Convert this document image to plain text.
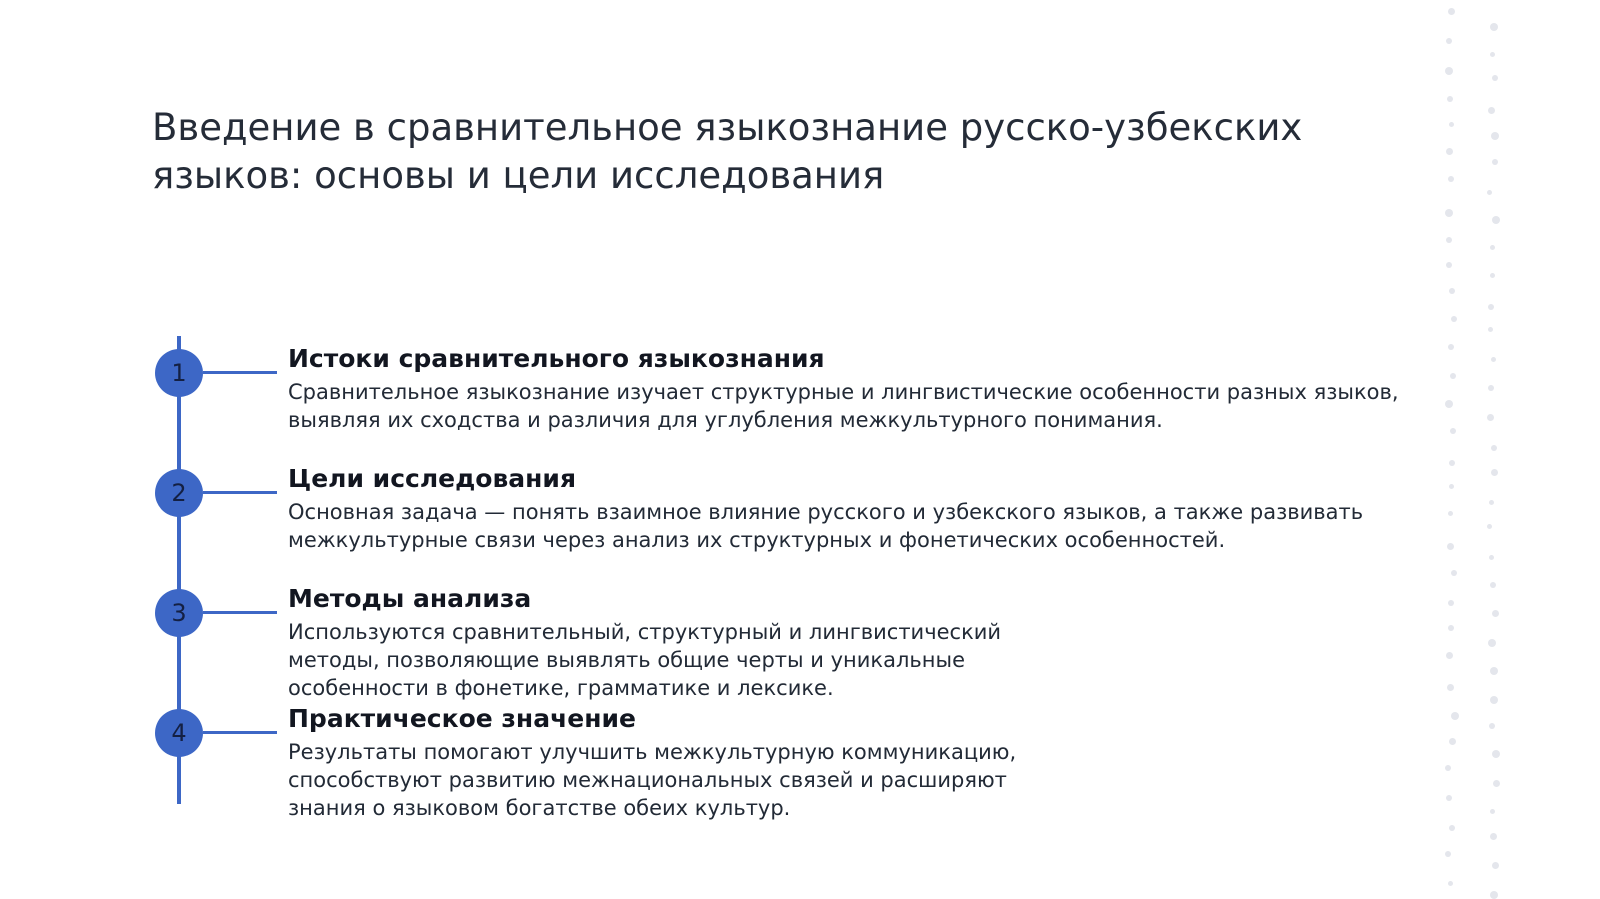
Введение в сравнительное языкознание русско-узбекских языков: основы и цели исследования
1	Истоки сравнительного языкознания
Сравнительное языкознание изучает структурные и лингвистические особенности разных языков,
выявляя их сходства и различия для углубления межкультурного понимания.
2	Цели исследования
Основная задача — понять взаимное влияние русского и узбекского языков, а также развивать
межкультурные связи через анализ их структурных и фонетических особенностей.
3	Методы анализа
Используются сравнительный, структурный и лингвистический
методы, позволяющие выявлять общие черты и уникальные
особенности в фонетике, грамматике и лексике.
4	Практическое значение
Результаты помогают улучшить межкультурную коммуникацию,
способствуют развитию межнациональных связей и расширяют
знания о языковом богатстве обеих культур.
